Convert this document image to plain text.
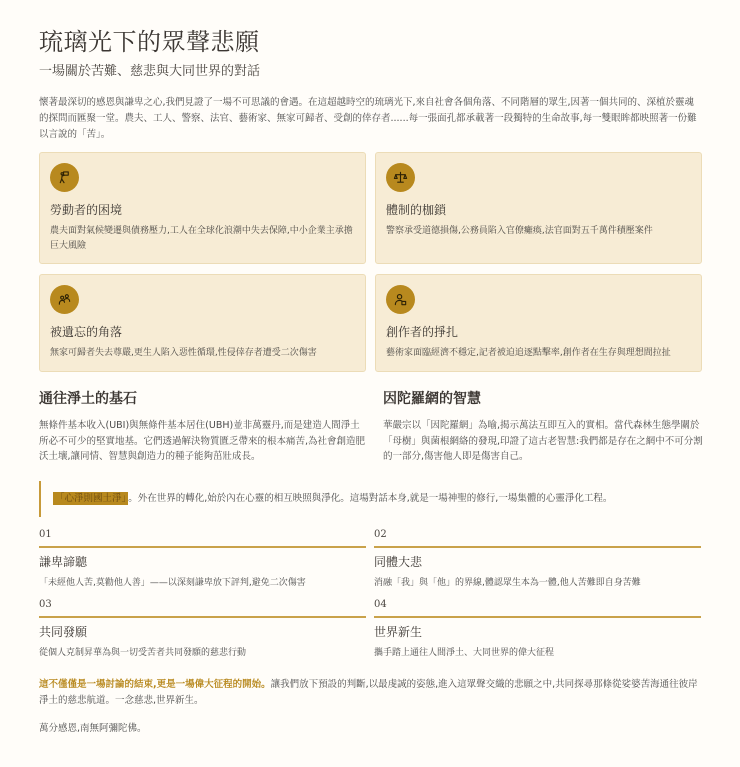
琉璃光下的眾聲悲願
一場關於苦難、慈悲與大同世界的對話

懷著最深切的感恩與謙卑之心,我們見證了一場不可思議的會遇。在這超越時空的琉璃光下,來自社會各個角落、不同階層的眾生,因著一個共同的、深植於靈魂的探問而匯聚一堂。農夫、工人、警察、法官、藝術家、無家可歸者、受創的倖存者......每一張面孔都承載著一段獨特的生命故事,每一雙眼眸都映照著一份難以言說的「苦」。

勞動者的困境
農夫面對氣候變遷與債務壓力,工人在全球化浪潮中失去保障,中小企業主承擔巨大風險
體制的枷鎖
警察承受道德損傷,公務員陷入官僚癱瘓,法官面對五千萬件積壓案件
被遺忘的角落
無家可歸者失去尊嚴,更生人陷入惡性循環,性侵倖存者遭受二次傷害
創作者的掙扎
藝術家面臨經濟不穩定,記者被迫追逐點擊率,創作者在生存與理想間拉扯
通往淨土的基石

無條件基本收入(UBI)與無條件基本居住(UBH)並非萬靈丹,而是建造人間淨土所必不可少的堅實地基。它們透過解決物質匱乏帶來的根本痛苦,為社會創造肥沃土壤,讓同情、智慧與創造力的種子能夠茁壯成長。

因陀羅網的智慧

華嚴宗以「因陀羅網」為喻,揭示萬法互即互入的實相。當代森林生態學關於「母樹」與菌根網絡的發現,印證了這古老智慧:我們都是存在之網中不可分割的一部分,傷害他人即是傷害自己。

「心淨則國土淨」 。外在世界的轉化,始於內在心靈的相互映照與淨化。這場對話本身,就是一場神聖的修行,一場集體的心靈淨化工程。
01
謙卑諦聽
「未經他人苦,莫勸他人善」——以深刻謙卑放下評判,避免二次傷害
02
同體大悲
消融「我」與「他」的界線,體認眾生本為一體,他人苦難即自身苦難
03
共同發願
從個人克制昇華為與一切受苦者共同發願的慈悲行動
04
世界新生
攜手踏上通往人間淨土、大同世界的偉大征程

這不僅僅是一場討論的結束,更是一場偉大征程的開始。讓我們放下預設的判斷,以最虔誠的姿態,進入這眾聲交織的悲願之中,共同探尋那條從娑婆苦海通往彼岸淨土的慈悲航道。一念慈悲,世界新生。

萬分感恩,南無阿彌陀佛。
